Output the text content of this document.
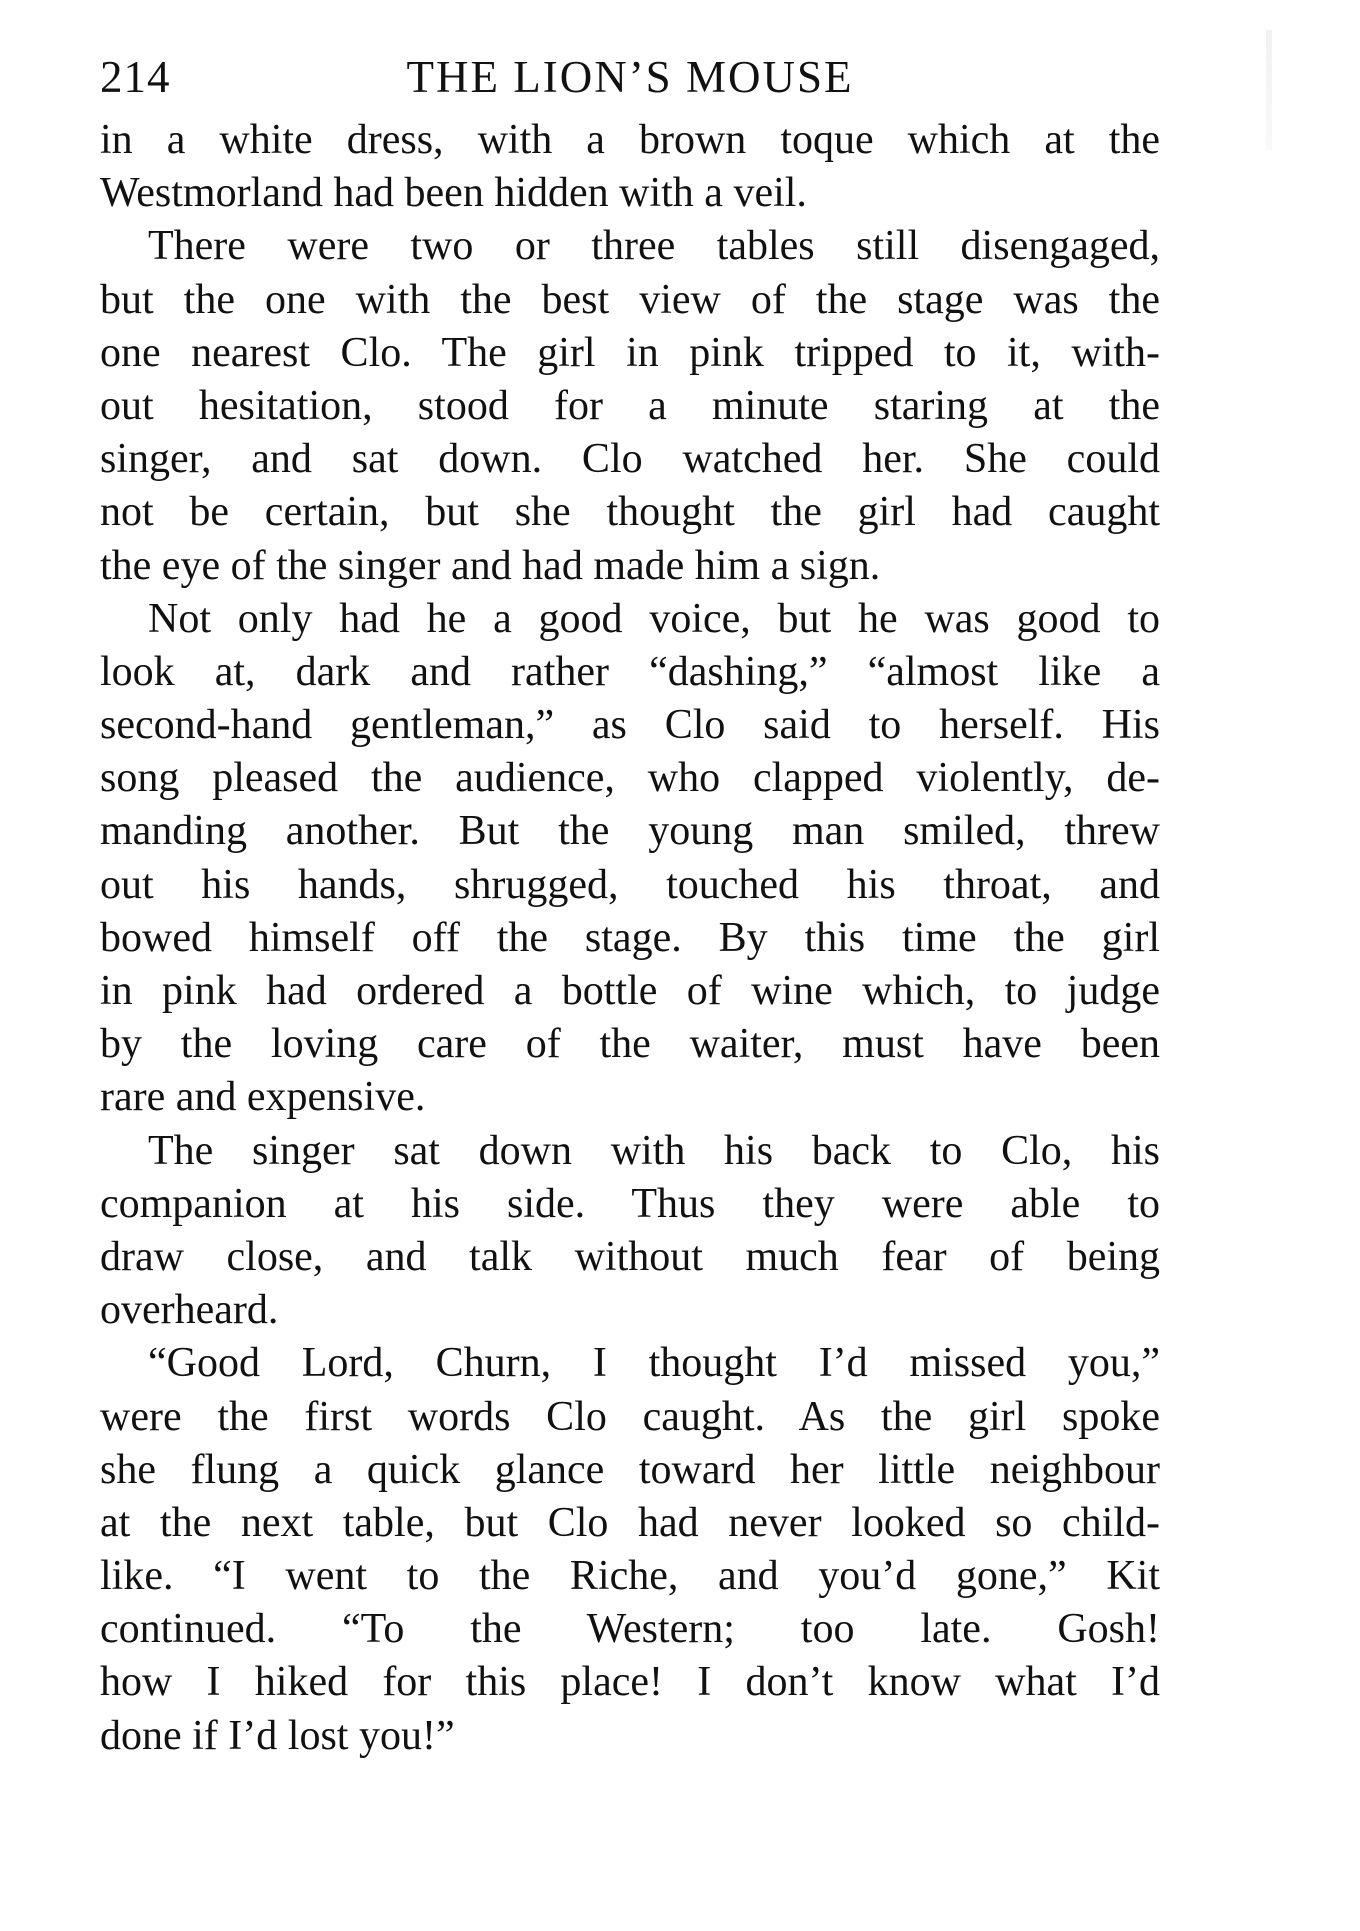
214	THE LION’S MOUSE
in a white dress, with a brown toque which at the
Westmorland had been hidden with a veil.
There were two or three tables still disengaged,
but the one with the best view of the stage was the
one nearest Clo. The girl in pink tripped to it, with-
out hesitation, stood for a minute staring at the
singer, and sat down. Clo watched her. She could
not be certain, but she thought the girl had caught
the eye of the singer and had made him a sign.
Not only had he a good voice, but he was good to
look at, dark and rather “dashing,” “almost like a
second-hand gentleman,” as Clo said to herself. His
song pleased the audience, who clapped violently, de-
manding another. But the young man smiled, threw
out his hands, shrugged, touched his throat, and
bowed himself off the stage. By this time the girl
in pink had ordered a bottle of wine which, to judge
by the loving care of the waiter, must have been
rare and expensive.
The singer sat down with his back to Clo, his
companion at his side. Thus they were able to
draw close, and talk without much fear of being
overheard.
“Good Lord, Churn, I thought I’d missed you,”
were the first words Clo caught. As the girl spoke
she flung a quick glance toward her little neighbour
at the next table, but Clo had never looked so child-
like. “I went to the Riche, and you’d gone,” Kit
continued. “To the Western; too late. Gosh!
how I hiked for this place! I don’t know what I’d
done if I’d lost you!”
